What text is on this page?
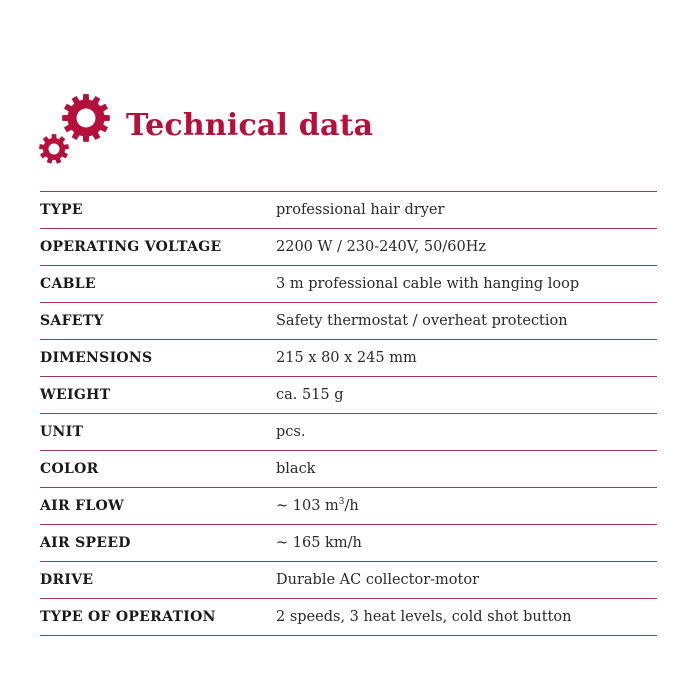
Technical data
TYPE	professional hair dryer
OPERATING VOLTAGE	2200 W / 230-240V, 50/60Hz
CABLE	3 m professional cable with hanging loop
SAFETY	Safety thermostat / overheat protection
DIMENSIONS	215 x 80 x 245 mm
WEIGHT	ca. 515 g
UNIT	pcs.
COLOR	black
AIR FLOW	~ 103 $m^3/h$
AIR SPEED	~ 165 km/h
DRIVE	Durable AC collector-motor
TYPE OF OPERATION	2 speeds, 3 heat levels, cold shot button
